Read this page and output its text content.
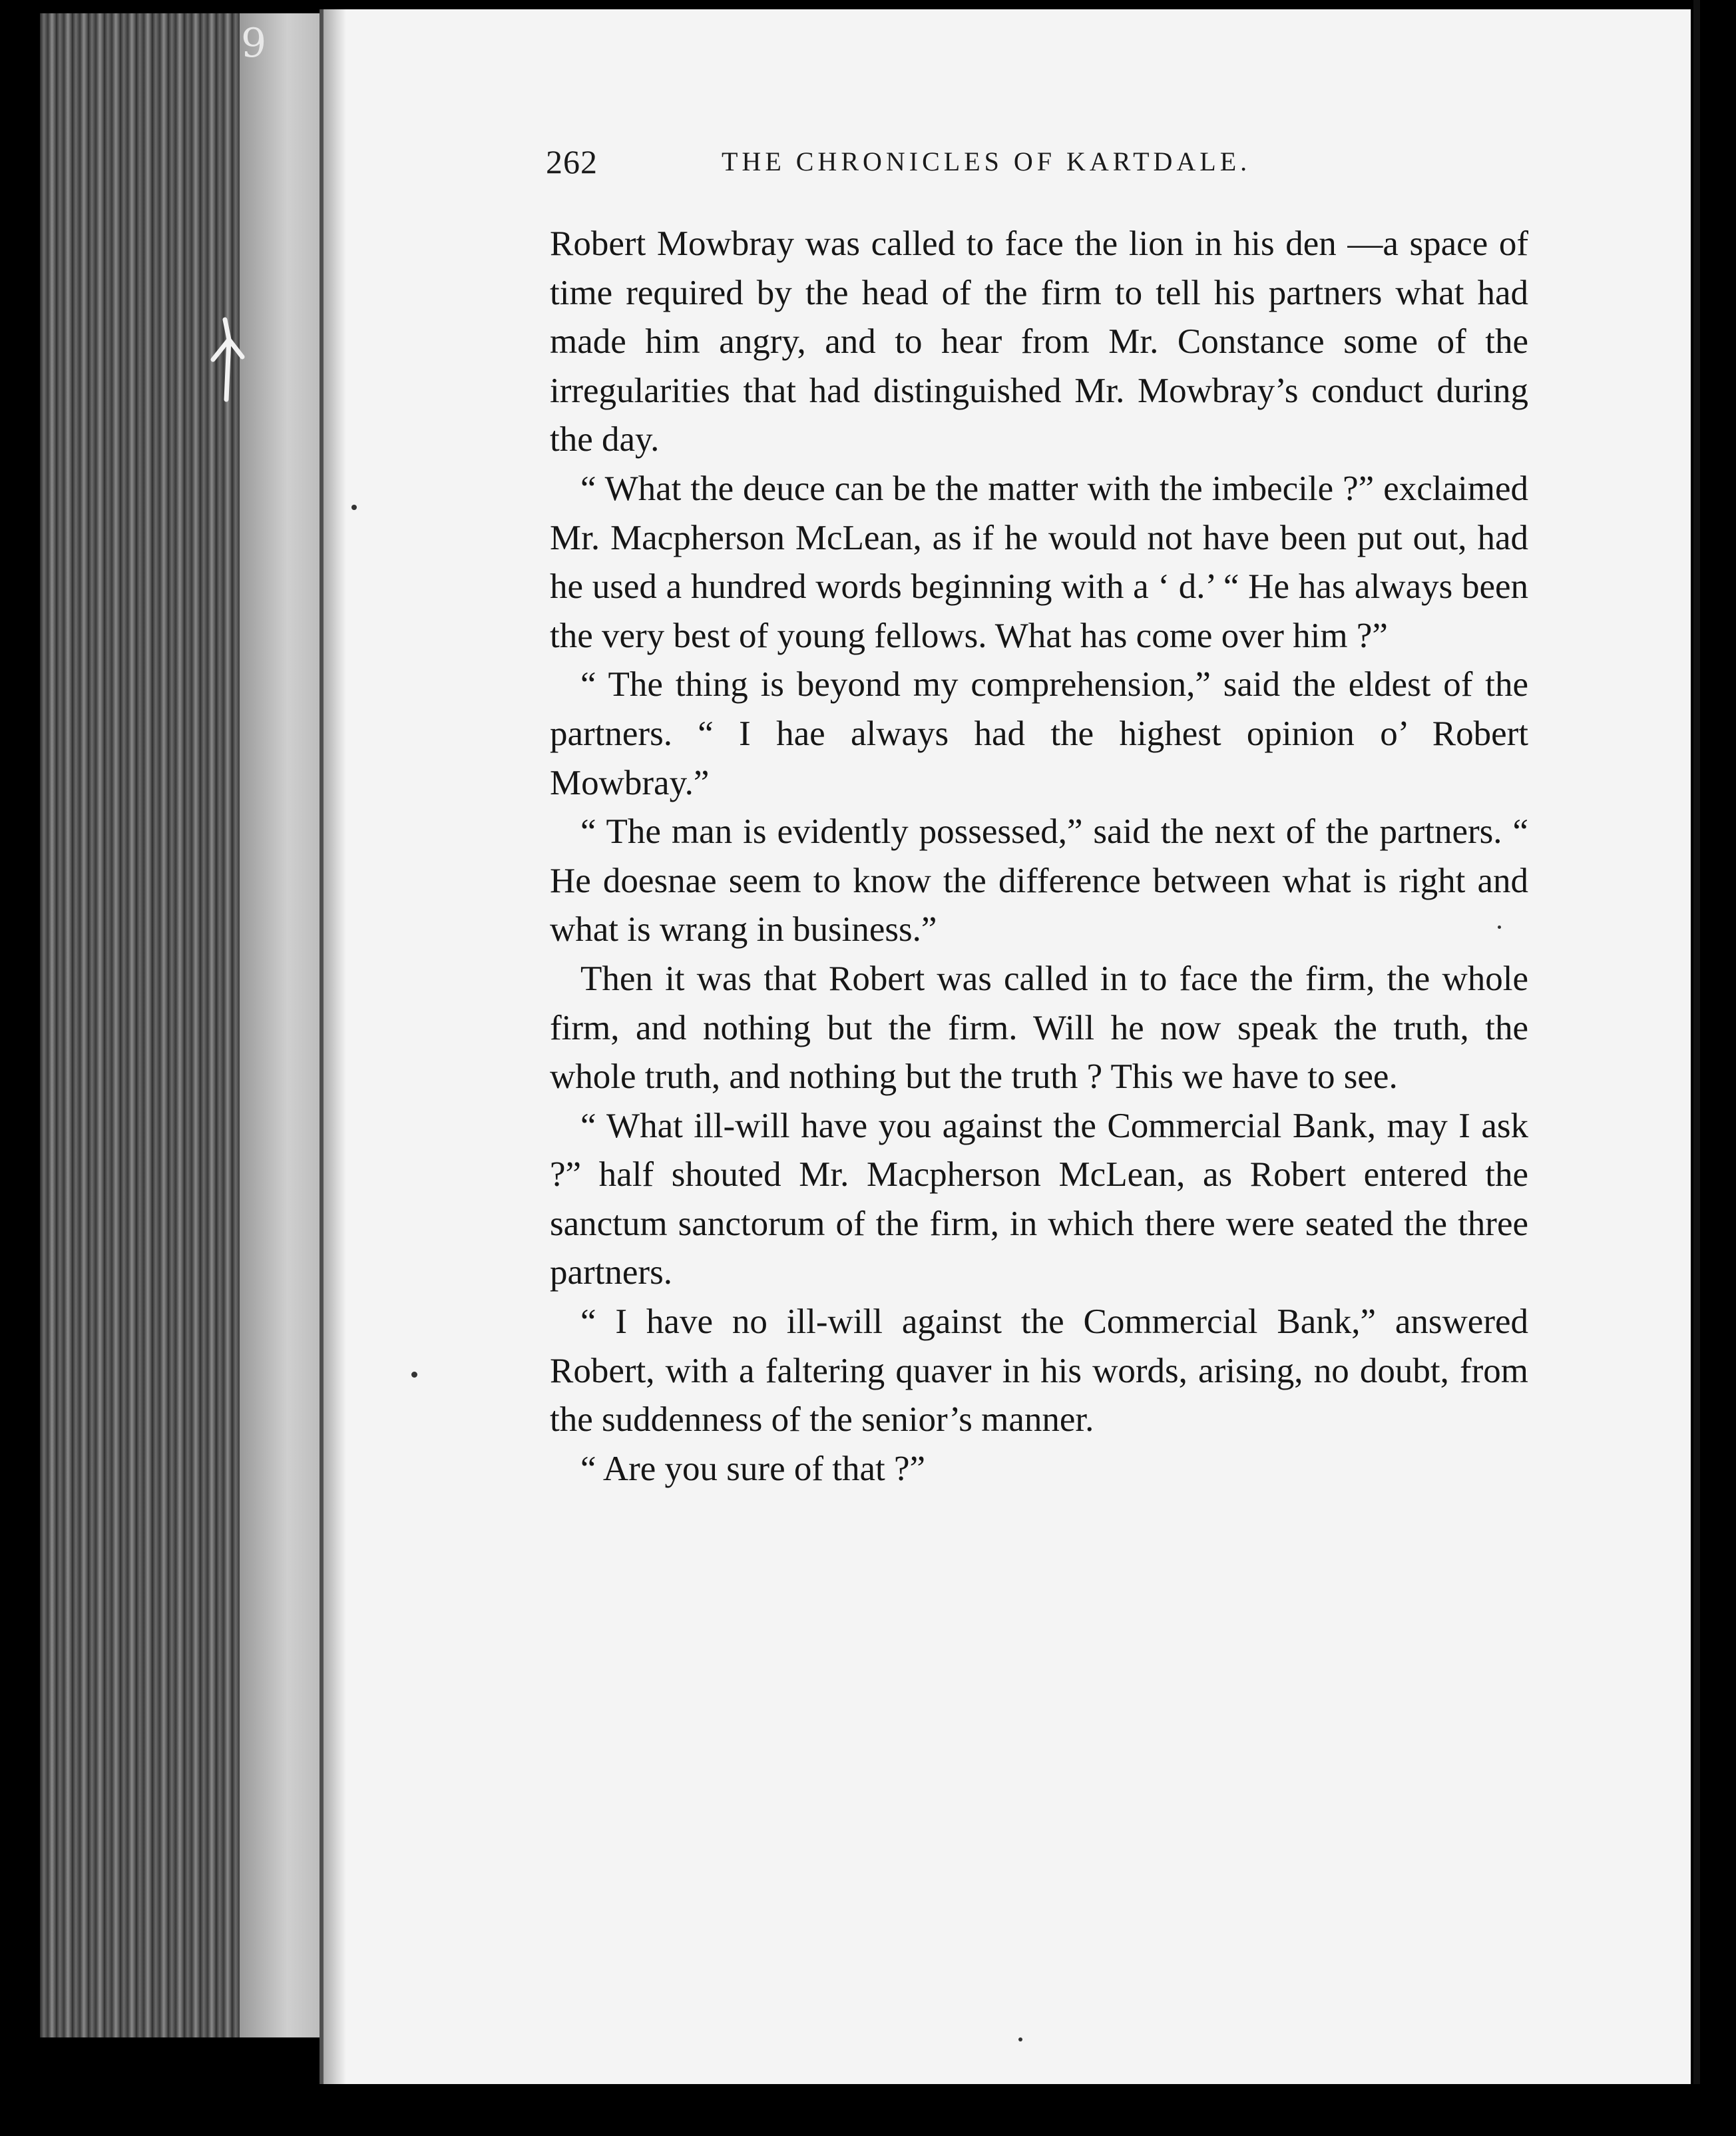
9
262	THE CHRONICLES OF KARTDALE.

Robert Mowbray was called to face the lion in his den —a space of time required by the head of the firm to tell his partners what had made him angry, and to hear from Mr. Constance some of the irregularities that had distinguished Mr. Mowbray’s conduct during the day.

“ What the deuce can be the matter with the imbecile ?” exclaimed Mr. Macpherson McLean, as if he would not have been put out, had he used a hundred words beginning with a ‘ d.’ “ He has always been the very best of young fellows. What has come over him ?”

“ The thing is beyond my comprehension,” said the eldest of the partners. “ I hae always had the highest opinion o’ Robert Mowbray.”

“ The man is evidently possessed,” said the next of the partners. “ He doesnae seem to know the difference between what is right and what is wrang in business.”

Then it was that Robert was called in to face the firm, the whole firm, and nothing but the firm. Will he now speak the truth, the whole truth, and nothing but the truth ? This we have to see.

“ What ill-will have you against the Commercial Bank, may I ask ?” half shouted Mr. Macpherson McLean, as Robert entered the sanctum sanctorum of the firm, in which there were seated the three partners.

“ I have no ill-will against the Commercial Bank,” answered Robert, with a faltering quaver in his words, arising, no doubt, from the suddenness of the senior’s manner.

“ Are you sure of that ?”
